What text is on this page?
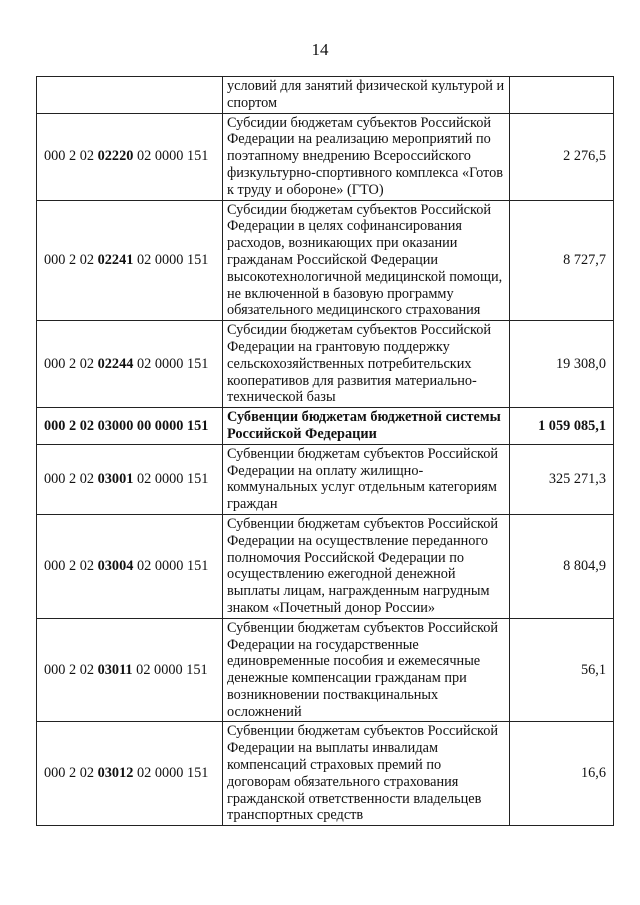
14
	условий для занятий физической культурой и спортом	
000 2 02 02220 02 0000 151	Субсидии бюджетам субъектов Российской Федерации на реализацию мероприятий по поэтапному внедрению Всероссийского физкультурно-спортивного комплекса «Готов к труду и обороне» (ГТО)	2 276,5
000 2 02 02241 02 0000 151	Субсидии бюджетам субъектов Российской Федерации в целях софинансирования расходов, возникающих при оказании гражданам Российской Федерации высокотехнологичной медицинской помощи, не включенной в базовую программу обязательного медицинского страхования	8 727,7
000 2 02 02244 02 0000 151	Субсидии бюджетам субъектов Российской Федерации на грантовую поддержку сельскохозяйственных потребительских кооперативов для развития материально-технической базы	19 308,0
000 2 02 03000 00 0000 151	Субвенции бюджетам бюджетной системы Российской Федерации	1 059 085,1
000 2 02 03001 02 0000 151	Субвенции бюджетам субъектов Российской Федерации на оплату жилищно-коммунальных услуг отдельным категориям граждан	325 271,3
000 2 02 03004 02 0000 151	Субвенции бюджетам субъектов Российской Федерации на осуществление переданного полномочия Российской Федерации по осуществлению ежегодной денежной выплаты лицам, награжденным нагрудным знаком «Почетный донор России»	8 804,9
000 2 02 03011 02 0000 151	Субвенции бюджетам субъектов Российской Федерации на государственные единовременные пособия и ежемесячные денежные компенсации гражданам при возникновении поствакцинальных осложнений	56,1
000 2 02 03012 02 0000 151	Субвенции бюджетам субъектов Российской Федерации на выплаты инвалидам компенсаций страховых премий по договорам обязательного страхования гражданской ответственности владельцев транспортных средств	16,6
